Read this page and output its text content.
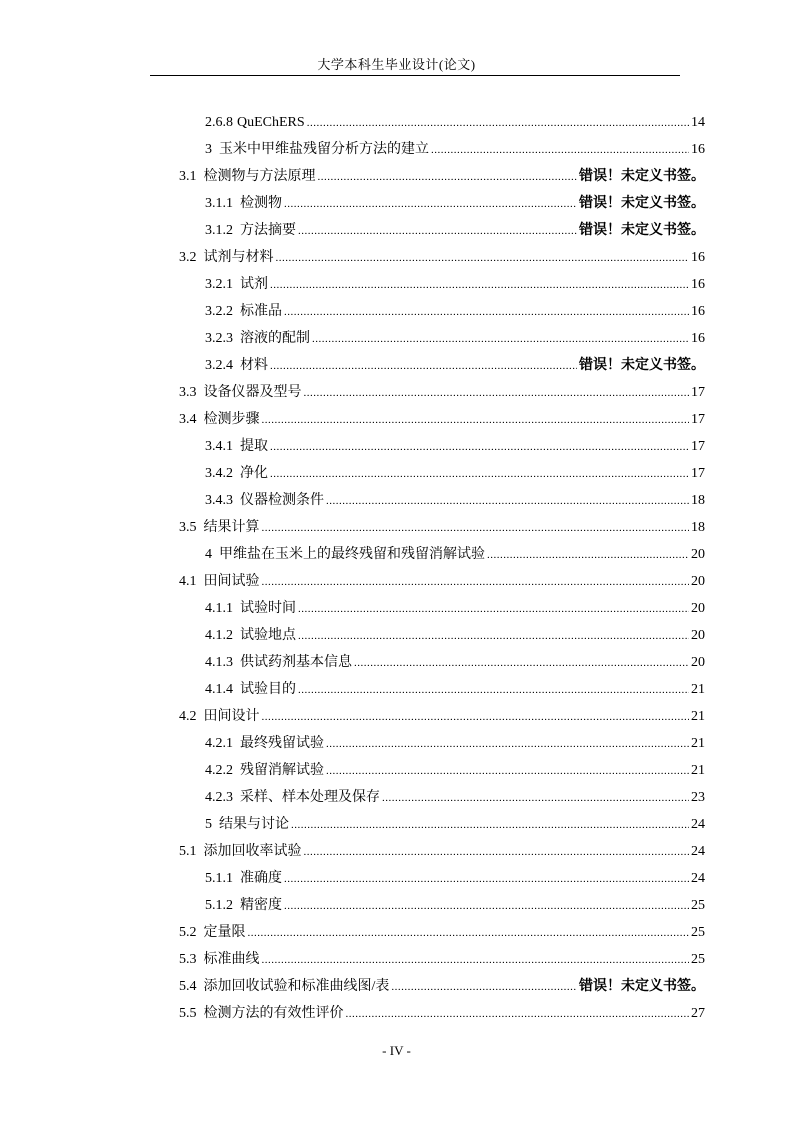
大学本科生毕业设计(论文)
2.6.8 QuEChERS .....	14
3 玉米中甲维盐残留分析方法的建立 .....	16
3.1 检测物与方法原理 .....	错误！未定义书签。
3.1.1 检测物 .....	错误！未定义书签。
3.1.2 方法摘要 .....	错误！未定义书签。
3.2 试剂与材料 .....	16
3.2.1 试剂 .....	16
3.2.2 标准品 .....	16
3.2.3 溶液的配制 .....	16
3.2.4 材料 .....	错误！未定义书签。
3.3 设备仪器及型号 .....	17
3.4 检测步骤 .....	17
3.4.1 提取 .....	17
3.4.2 净化 .....	17
3.4.3 仪器检测条件 .....	18
3.5 结果计算 .....	18
4 甲维盐在玉米上的最终残留和残留消解试验 .....	20
4.1 田间试验 .....	20
4.1.1 试验时间 .....	20
4.1.2 试验地点 .....	20
4.1.3 供试药剂基本信息 .....	20
4.1.4 试验目的 .....	21
4.2 田间设计 .....	21
4.2.1 最终残留试验 .....	21
4.2.2 残留消解试验 .....	21
4.2.3 采样、样本处理及保存 .....	23
5 结果与讨论 .....	24
5.1 添加回收率试验 .....	24
5.1.1 准确度 .....	24
5.1.2 精密度 .....	25
5.2 定量限 .....	25
5.3 标准曲线 .....	25
5.4 添加回收试验和标准曲线图/表 .....	错误！未定义书签。
5.5 检测方法的有效性评价 .....	27
- IV -
